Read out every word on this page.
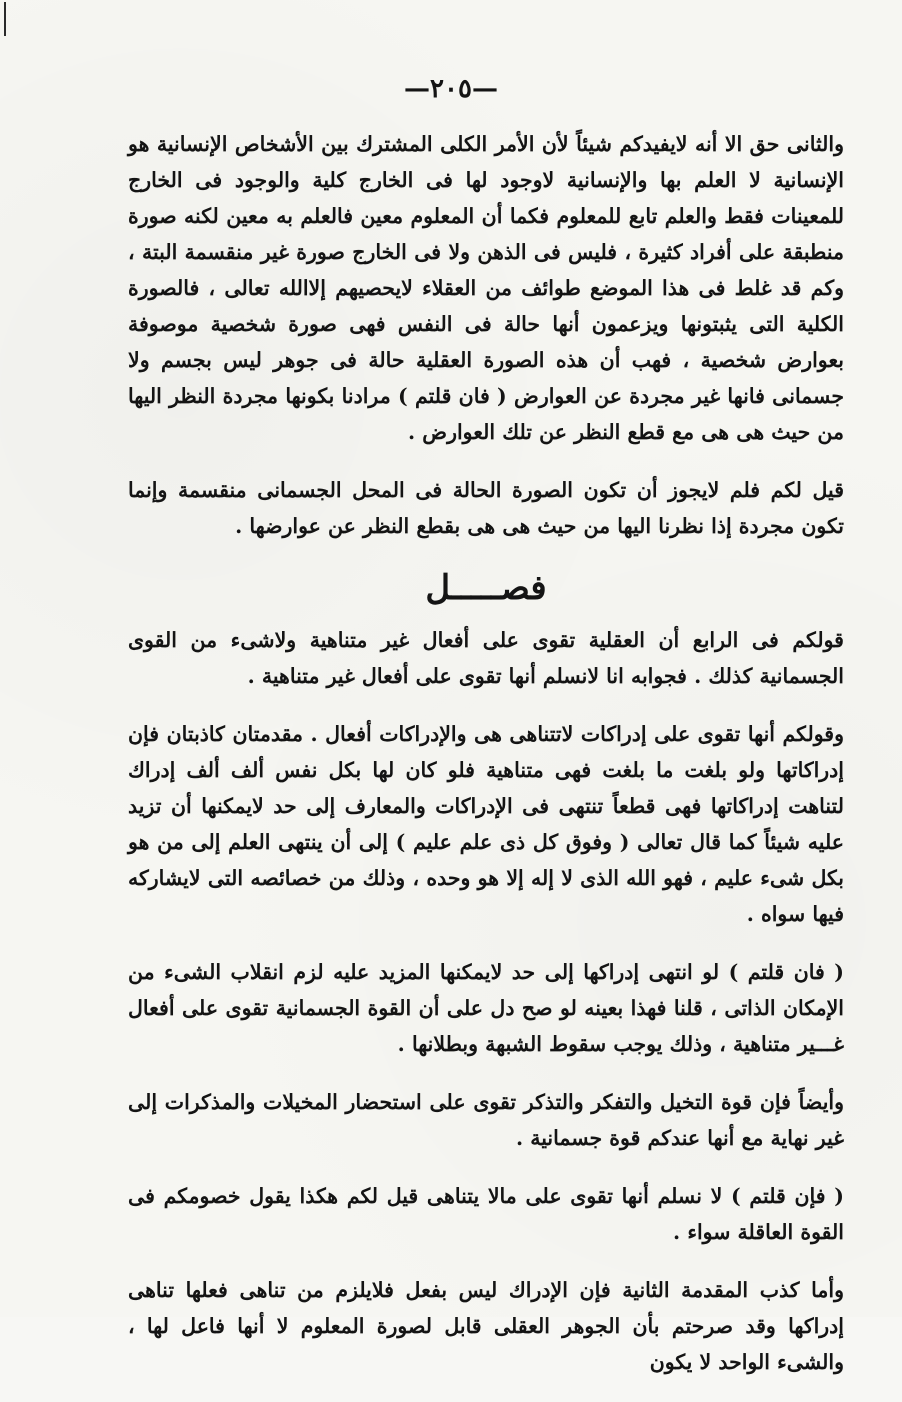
—٢٠٥—

والثانى حق الا أنه لايفيدكم شيئاً لأن الأمر الكلى المشترك بين الأشخاص الإنسانية هو الإنسانية لا العلم بها والإنسانية لاوجود لها فى الخارج كلية والوجود فى الخارج للمعينات فقط والعلم تابع للمعلوم فكما أن المعلوم معين فالعلم به معين لكنه صورة منطبقة على أفراد كثيرة ، فليس فى الذهن ولا فى الخارج صورة غير منقسمة البتة ، وكم قد غلط فى هذا الموضع طوائف من العقلاء لايحصيهم إلاالله تعالى ، فالصورة الكلية التى يثبتونها ويزعمون أنها حالة فى النفس فهى صورة شخصية موصوفة بعوارض شخصية ، فهب أن هذه الصورة العقلية حالة فى جوهر ليس بجسم ولا جسمانى فانها غير مجردة عن العوارض ( فان قلتم ) مرادنا بكونها مجردة النظر اليها من حيث هى هى مع قطع النظر عن تلك العوارض .

قيل لكم فلم لايجوز أن تكون الصورة الحالة فى المحل الجسمانى منقسمة وإنما تكون مجردة إذا نظرنا اليها من حيث هى هى بقطع النظر عن عوارضها .

فصـــــل

قولكم فى الرابع أن العقلية تقوى على أفعال غير متناهية ولاشىء من القوى الجسمانية كذلك . فجوابه انا لانسلم أنها تقوى على أفعال غير متناهية .

وقولكم أنها تقوى على إدراكات لاتتناهى هى والإدراكات أفعال . مقدمتان كاذبتان فإن إدراكاتها ولو بلغت ما بلغت فهى متناهية فلو كان لها بكل نفس ألف ألف إدراك لتناهت إدراكاتها فهى قطعاً تنتهى فى الإدراكات والمعارف إلى حد لايمكنها أن تزيد عليه شيئاً كما قال تعالى ( وفوق كل ذى علم عليم ) إلى أن ينتهى العلم إلى من هو بكل شىء عليم ، فهو الله الذى لا إله إلا هو وحده ، وذلك من خصائصه التى لايشاركه فيها سواه .

( فان قلتم ) لو انتهى إدراكها إلى حد لايمكنها المزيد عليه لزم انقلاب الشىء من الإمكان الذاتى ، قلنا فهذا بعينه لو صح دل على أن القوة الجسمانية تقوى على أفعال غـــير متناهية ، وذلك يوجب سقوط الشبهة وبطلانها .

وأيضاً فإن قوة التخيل والتفكر والتذكر تقوى على استحضار المخيلات والمذكرات إلى غير نهاية مع أنها عندكم قوة جسمانية .

( فإن قلتم ) لا نسلم أنها تقوى على مالا يتناهى قيل لكم هكذا يقول خصومكم فى القوة العاقلة سواء .

وأما كذب المقدمة الثانية فإن الإدراك ليس بفعل فلايلزم من تناهى فعلها تناهى إدراكها وقد صرحتم بأن الجوهر العقلى قابل لصورة المعلوم لا أنها فاعل لها ، والشىء الواحد لا يكون
